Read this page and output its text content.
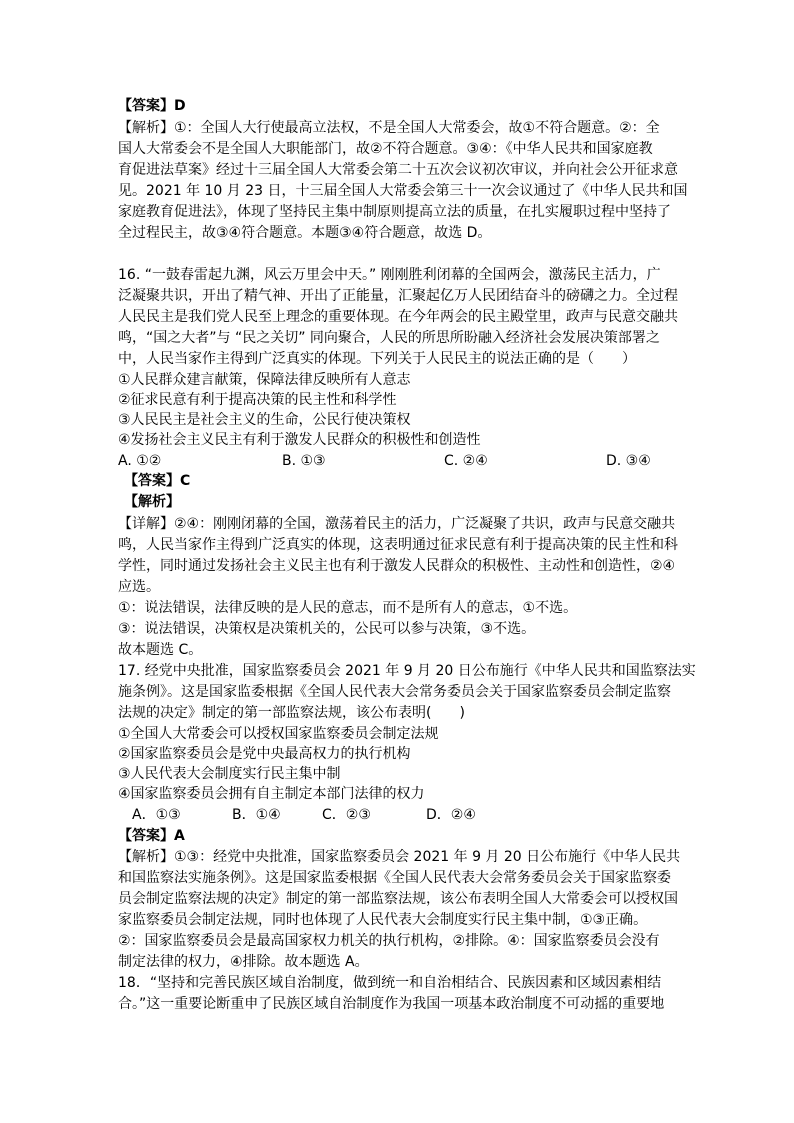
【答案】D

【解析】①：全国人大行使最高立法权，不是全国人大常委会，故①不符合题意。②：全

国人大常委会不是全国人大职能部门，故②不符合题意。③④：《中华人民共和国家庭教

育促进法草案》经过十三届全国人大常委会第二十五次会议初次审议，并向社会公开征求意

见。2021 年 10 月 23 日，十三届全国人大常委会第三十一次会议通过了《中华人民共和国

家庭教育促进法》，体现了坚持民主集中制原则提高立法的质量，在扎实履职过程中坚持了

全过程民主，故③④符合题意。本题③④符合题意，故选 D。

16. “一鼓春雷起九渊，风云万里会中天。” 刚刚胜利闭幕的全国两会，激荡民主活力，广

泛凝聚共识，开出了精气神、开出了正能量，汇聚起亿万人民团结奋斗的磅礴之力。全过程

人民民主是我们党人民至上理念的重要体现。在今年两会的民主殿堂里，政声与民意交融共

鸣，“国之大者”与 “民之关切” 同向聚合，人民的所思所盼融入经济社会发展决策部署之

中，人民当家作主得到广泛真实的体现。下列关于人民民主的说法正确的是（　　）

①人民群众建言献策，保障法律反映所有人意志

②征求民意有利于提高决策的民主性和科学性

③人民民主是社会主义的生命，公民行使决策权

④发扬社会主义民主有利于激发人民群众的积极性和创造性

A. ①②	B. ①③	C. ②④	D. ③④

【答案】C

【解析】

【详解】②④：刚刚闭幕的全国，激荡着民主的活力，广泛凝聚了共识，政声与民意交融共

鸣，人民当家作主得到广泛真实的体现，这表明通过征求民意有利于提高决策的民主性和科

学性，同时通过发扬社会主义民主也有利于激发人民群众的积极性、主动性和创造性，②④

应选。

①：说法错误，法律反映的是人民的意志，而不是所有人的意志，①不选。

③：说法错误，决策权是决策机关的，公民可以参与决策，③不选。

故本题选 C。

17. 经党中央批准，国家监察委员会 2021 年 9 月 20 日公布施行《中华人民共和国监察法实

施条例》。这是国家监委根据《全国人民代表大会常务委员会关于国家监察委员会制定监察

法规的决定》制定的第一部监察法规，该公布表明(　　)

①全国人大常委会可以授权国家监察委员会制定法规

②国家监察委员会是党中央最高权力的执行机构

③人民代表大会制度实行民主集中制

④国家监察委员会拥有自主制定本部门法律的权力

A．①③	B．①④	C．②③	D．②④

【答案】A

【解析】①③：经党中央批准，国家监察委员会 2021 年 9 月 20 日公布施行《中华人民共

和国监察法实施条例》。这是国家监委根据《全国人民代表大会常务委员会关于国家监察委

员会制定监察法规的决定》制定的第一部监察法规，该公布表明全国人大常委会可以授权国

家监察委员会制定法规，同时也体现了人民代表大会制度实行民主集中制，①③正确。

②：国家监察委员会是最高国家权力机关的执行机构，②排除。④：国家监察委员会没有

制定法律的权力，④排除。故本题选 A。

18．“坚持和完善民族区域自治制度，做到统一和自治相结合、民族因素和区域因素相结

合。”这一重要论断重申了民族区域自治制度作为我国一项基本政治制度不可动摇的重要地
